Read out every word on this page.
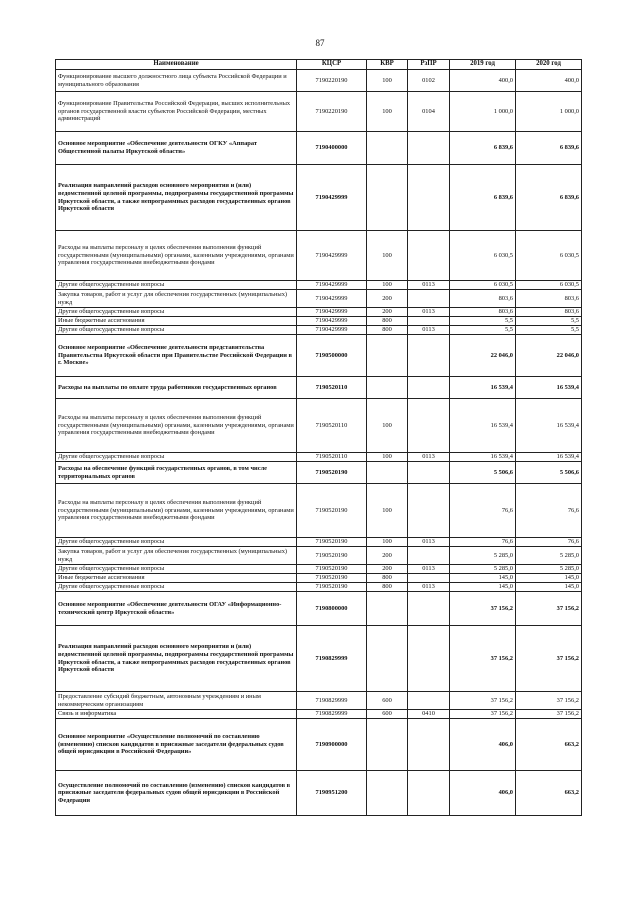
87
Наименование	КЦСР	КВР	РзПР	2019 год	2020 год
Функционирование высшего должностного лица субъекта Российской Федерации и муниципального образования	7190220190	100	0102	400,0	400,0
Функционирование Правительства Российской Федерации, высших исполнительных органов государственной власти субъектов Российской Федерации, местных администраций	7190220190	100	0104	1 000,0	1 000,0
Основное мероприятие «Обеспечение деятельности ОГКУ «Аппарат Общественной палаты Иркутской области»	7190400000			6 839,6	6 839,6
Реализация направлений расходов основного мероприятия и (или) ведомственной целевой программы, подпрограммы государственной программы Иркутской области, а также непрограммных расходов государственных органов Иркутской области	7190429999			6 839,6	6 839,6
Расходы на выплаты персоналу в целях обеспечения выполнения функций государственными (муниципальными) органами, казенными учреждениями, органами управления государственными внебюджетными фондами	7190429999	100		6 030,5	6 030,5
Другие общегосударственные вопросы	7190429999	100	0113	6 030,5	6 030,5
Закупка товаров, работ и услуг для обеспечения государственных (муниципальных) нужд	7190429999	200		803,6	803,6
Другие общегосударственные вопросы	7190429999	200	0113	803,6	803,6
Иные бюджетные ассигнования	7190429999	800		5,5	5,5
Другие общегосударственные вопросы	7190429999	800	0113	5,5	5,5
Основное мероприятие «Обеспечение деятельности представительства Правительства Иркутской области при Правительстве Российской Федерации в г. Москве»	7190500000			22 046,0	22 046,0
Расходы на выплаты по оплате труда работников государственных органов	7190520110			16 539,4	16 539,4
Расходы на выплаты персоналу в целях обеспечения выполнения функций государственными (муниципальными) органами, казенными учреждениями, органами управления государственными внебюджетными фондами	7190520110	100		16 539,4	16 539,4
Другие общегосударственные вопросы	7190520110	100	0113	16 539,4	16 539,4
Расходы на обеспечение функций государственных органов, в том числе территориальных органов	7190520190			5 506,6	5 506,6
Расходы на выплаты персоналу в целях обеспечения выполнения функций государственными (муниципальными) органами, казенными учреждениями, органами управления государственными внебюджетными фондами	7190520190	100		76,6	76,6
Другие общегосударственные вопросы	7190520190	100	0113	76,6	76,6
Закупка товаров, работ и услуг для обеспечения государственных (муниципальных) нужд	7190520190	200		5 285,0	5 285,0
Другие общегосударственные вопросы	7190520190	200	0113	5 285,0	5 285,0
Иные бюджетные ассигнования	7190520190	800		145,0	145,0
Другие общегосударственные вопросы	7190520190	800	0113	145,0	145,0
Основное мероприятие «Обеспечение деятельности ОГАУ «Информационно-технический центр Иркутской области»	7190800000			37 156,2	37 156,2
Реализация направлений расходов основного мероприятия и (или) ведомственной целевой программы, подпрограммы государственной программы Иркутской области, а также непрограммных расходов государственных органов Иркутской области	7190829999			37 156,2	37 156,2
Предоставление субсидий бюджетным, автономным учреждениям и иным некоммерческим организациям	7190829999	600		37 156,2	37 156,2
Связь и информатика	7190829999	600	0410	37 156,2	37 156,2
Основное мероприятие «Осуществление полномочий по составлению (изменению) списков кандидатов в присяжные заседатели федеральных судов общей юрисдикции в Российской Федерации»	7190900000			406,0	663,2
Осуществление полномочий по составлению (изменению) списков кандидатов в присяжные заседатели федеральных судов общей юрисдикции в Российской Федерации	7190951200			406,0	663,2
